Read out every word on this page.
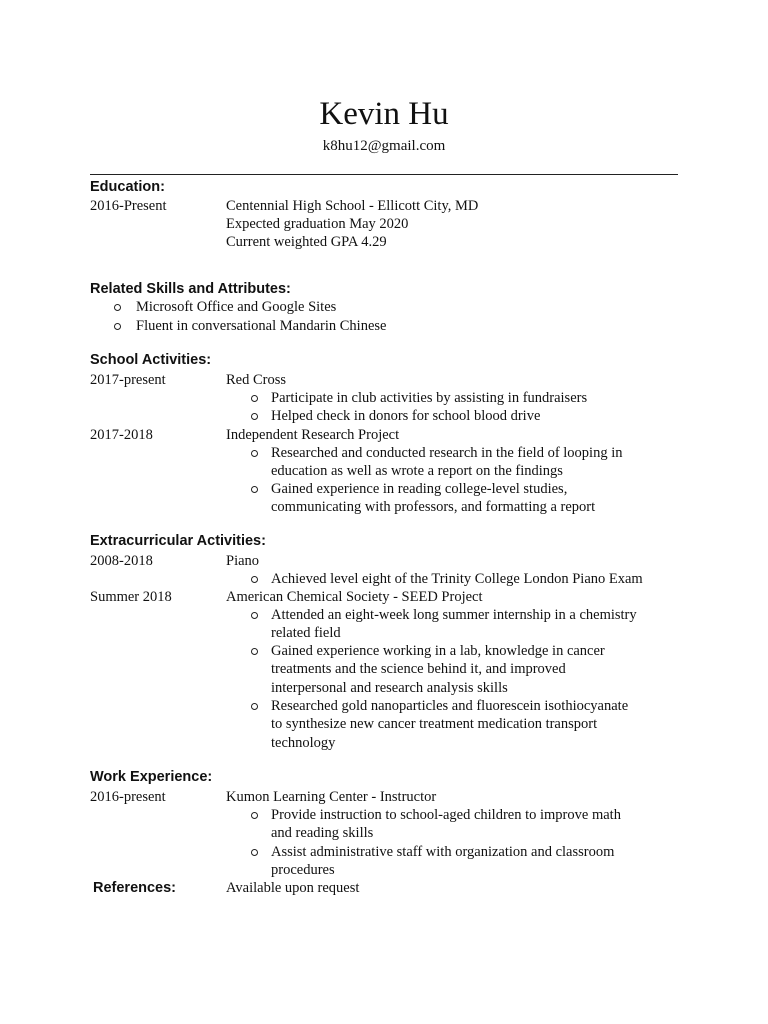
Kevin Hu
k8hu12@gmail.com
Education:
2016-Present	Centennial High School - Ellicott City, MD
Expected graduation May 2020
Current weighted GPA 4.29
Related Skills and Attributes:
Microsoft Office and Google Sites
Fluent in conversational Mandarin Chinese
School Activities:
2017-present	Red Cross
Participate in club activities by assisting in fundraisers
Helped check in donors for school blood drive
2017-2018	Independent Research Project
Researched and conducted research in the field of looping in
education as well as wrote a report on the findings
Gained experience in reading college-level studies,
communicating with professors, and formatting a report
Extracurricular Activities:
2008-2018	Piano
Achieved level eight of the Trinity College London Piano Exam
Summer 2018	American Chemical Society - SEED Project
Attended an eight-week long summer internship in a chemistry
related field
Gained experience working in a lab, knowledge in cancer
treatments and the science behind it, and improved
interpersonal and research analysis skills
Researched gold nanoparticles and fluorescein isothiocyanate
to synthesize new cancer treatment medication transport
technology
Work Experience:
2016-present	Kumon Learning Center - Instructor
Provide instruction to school-aged children to improve math
and reading skills
Assist administrative staff with organization and classroom
procedures
References:	Available upon request
